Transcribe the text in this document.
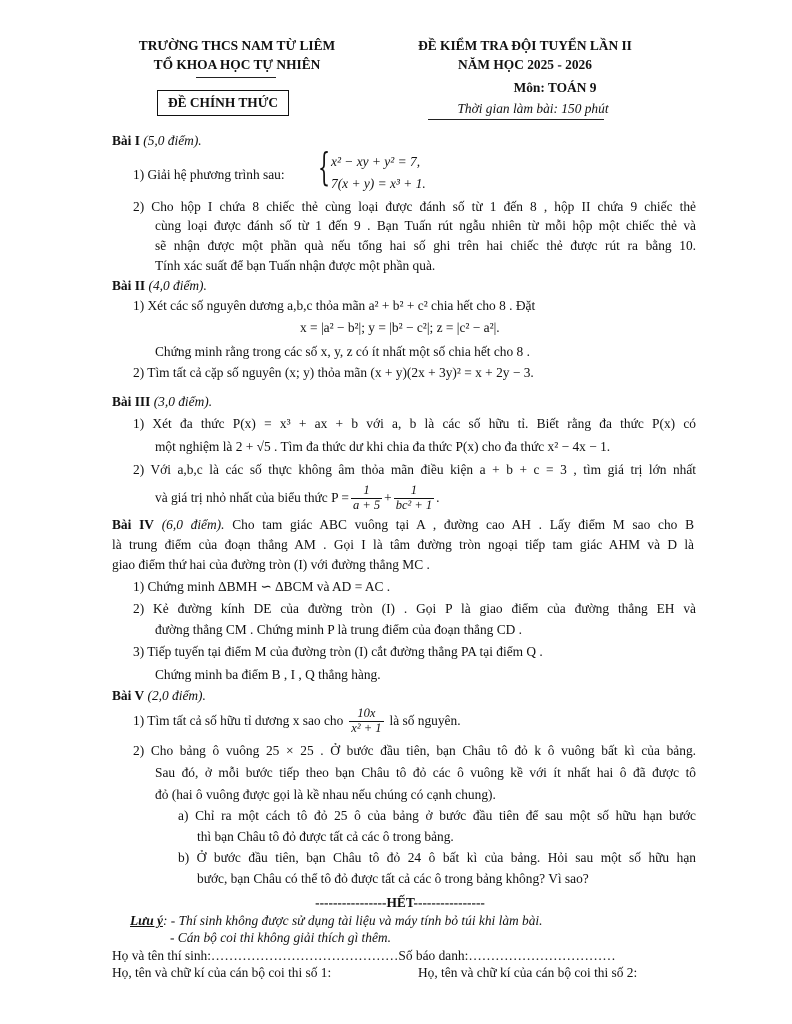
TRƯỜNG THCS NAM TỪ LIÊM
TỔ KHOA HỌC TỰ NHIÊN
ĐỀ CHÍNH THỨC
ĐỀ KIỂM TRA ĐỘI TUYỂN LẦN II
NĂM HỌC 2025 - 2026
Môn: TOÁN 9
Thời gian làm bài: 150 phút
Bài I (5,0 điểm).
1) Giải hệ phương trình sau: { x² − xy + y² = 7,
7(x + y) = x³ + 1.
2) Cho hộp I chứa 8 chiếc thẻ cùng loại được đánh số từ 1 đến 8 , hộp II chứa 9 chiếc thẻ
cùng loại được đánh số từ 1 đến 9 . Bạn Tuấn rút ngẫu nhiên từ mỗi hộp một chiếc thẻ và
sẽ nhận được một phần quà nếu tổng hai số ghi trên hai chiếc thẻ được rút ra bằng 10.
Tính xác suất để bạn Tuấn nhận được một phần quà.
Bài II (4,0 điểm).
1) Xét các số nguyên dương a,b,c thỏa mãn a² + b² + c² chia hết cho 8 . Đặt
x = |a² − b²|; y = |b² − c²|; z = |c² − a²|.
Chứng minh rằng trong các số x, y, z có ít nhất một số chia hết cho 8 .
2) Tìm tất cả cặp số nguyên (x; y) thỏa mãn (x + y)(2x + 3y)² = x + 2y − 3.
Bài III (3,0 điểm).
1) Xét đa thức P(x) = x³ + ax + b với a, b là các số hữu tỉ. Biết rằng đa thức P(x) có
một nghiệm là 2 + √5 . Tìm đa thức dư khi chia đa thức P(x) cho đa thức x² − 4x − 1.
2) Với a,b,c là các số thực không âm thỏa mãn điều kiện a + b + c = 3 , tìm giá trị lớn nhất
và giá trị nhỏ nhất của biểu thức $P = \frac{1}{a + 5} + \frac{1}{\text{bc² + 1}}$ .
Bài IV (6,0 điểm). Cho tam giác ABC vuông tại A , đường cao AH . Lấy điểm M sao cho B
là trung điểm của đoạn thẳng AM . Gọi I là tâm đường tròn ngoại tiếp tam giác AHM và D là
giao điểm thứ hai của đường tròn (I) với đường thẳng MC .
1) Chứng minh ΔBMH ∽ ΔBCM và AD = AC .
2) Kẻ đường kính DE của đường tròn (I) . Gọi P là giao điểm của đường thẳng EH và
đường thẳng CM . Chứng minh P là trung điểm của đoạn thẳng CD .
3) Tiếp tuyến tại điểm M của đường tròn (I) cắt đường thẳng PA tại điểm Q .
Chứng minh ba điểm B , I , Q thẳng hàng.
Bài V (2,0 điểm).
1) Tìm tất cả số hữu tỉ dương x sao cho $\frac{10x}{\text{x² + 1}}$ là số nguyên.
2) Cho bảng ô vuông 25 × 25 . Ở bước đầu tiên, bạn Châu tô đỏ k ô vuông bất kì của bảng.
Sau đó, ở mỗi bước tiếp theo bạn Châu tô đỏ các ô vuông kề với ít nhất hai ô đã được tô
đỏ (hai ô vuông được gọi là kề nhau nếu chúng có cạnh chung).
a) Chỉ ra một cách tô đỏ 25 ô của bảng ở bước đầu tiên để sau một số hữu hạn bước
thì bạn Châu tô đỏ được tất cả các ô trong bảng.
b) Ở bước đầu tiên, bạn Châu tô đỏ 24 ô bất kì của bảng. Hỏi sau một số hữu hạn
bước, bạn Châu có thể tô đỏ được tất cả các ô trong bảng không? Vì sao?
----------------HẾT----------------
Lưu ý: - Thí sinh không được sử dụng tài liệu và máy tính bỏ túi khi làm bài.
- Cán bộ coi thi không giải thích gì thêm.
Họ và tên thí sinh:……………………………………Số báo danh:……………………………
Họ, tên và chữ kí của cán bộ coi thi số 1:	Họ, tên và chữ kí của cán bộ coi thi số 2:
